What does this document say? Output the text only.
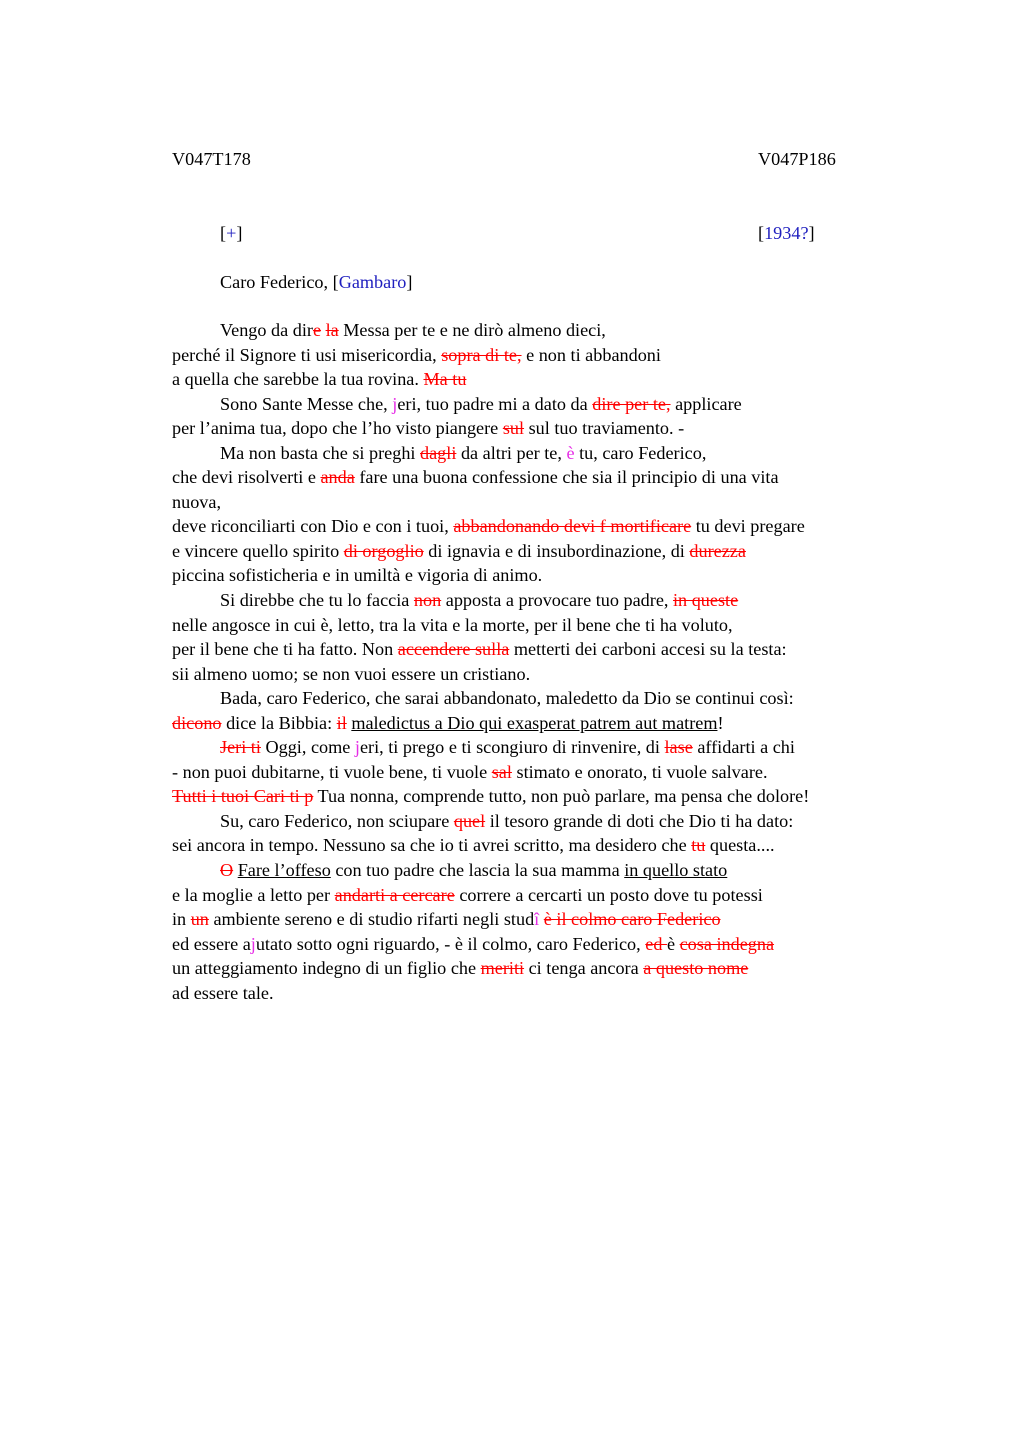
V047T178	V047P186
[+]	[1934?]
Caro Federico, [Gambaro]
Vengo da dire la Messa per te e ne dirò almeno dieci,
perché il Signore ti usi misericordia, sopra di te, e non ti abbandoni
a quella che sarebbe la tua rovina. Ma tu
Sono Sante Messe che, jeri, tuo padre mi a dato da dire per te, applicare
per l’anima tua, dopo che l’ho visto piangere sul sul tuo traviamento. -
Ma non basta che si preghi dagli da altri per te, è tu, caro Federico,
che devi risolverti e anda fare una buona confessione che sia il principio di una vita
nuova,
deve riconciliarti con Dio e con i tuoi, abbandonando devi f mortificare tu devi pregare
e vincere quello spirito di orgoglio di ignavia e di insubordinazione, di durezza
piccina sofisticheria e in umiltà e vigoria di animo.
Si direbbe che tu lo faccia non apposta a provocare tuo padre, in queste
nelle angosce in cui è, letto, tra la vita e la morte, per il bene che ti ha voluto,
per il bene che ti ha fatto. Non accendere sulla metterti dei carboni accesi su la testa:
sii almeno uomo; se non vuoi essere un cristiano.
Bada, caro Federico, che sarai abbandonato, maledetto da Dio se continui così:
dicono dice la Bibbia: il maledictus a Dio qui exasperat patrem aut matrem!
Jeri ti Oggi, come jeri, ti prego e ti scongiuro di rinvenire, di lase affidarti a chi
- non puoi dubitarne, ti vuole bene, ti vuole sal stimato e onorato, ti vuole salvare.
Tutti i tuoi Cari ti p Tua nonna, comprende tutto, non può parlare, ma pensa che dolore!
Su, caro Federico, non sciupare quel il tesoro grande di doti che Dio ti ha dato:
sei ancora in tempo. Nessuno sa che io ti avrei scritto, ma desidero che tu questa....
O Fare l’offeso con tuo padre che lascia la sua mamma in quello stato
e la moglie a letto per andarti a cercare correre a cercarti un posto dove tu potessi
in un ambiente sereno e di studio rifarti negli studî è il colmo caro Federico
ed essere ajutato sotto ogni riguardo, - è il colmo, caro Federico, ed è cosa indegna
un atteggiamento indegno di un figlio che meriti ci tenga ancora a questo nome
ad essere tale.
